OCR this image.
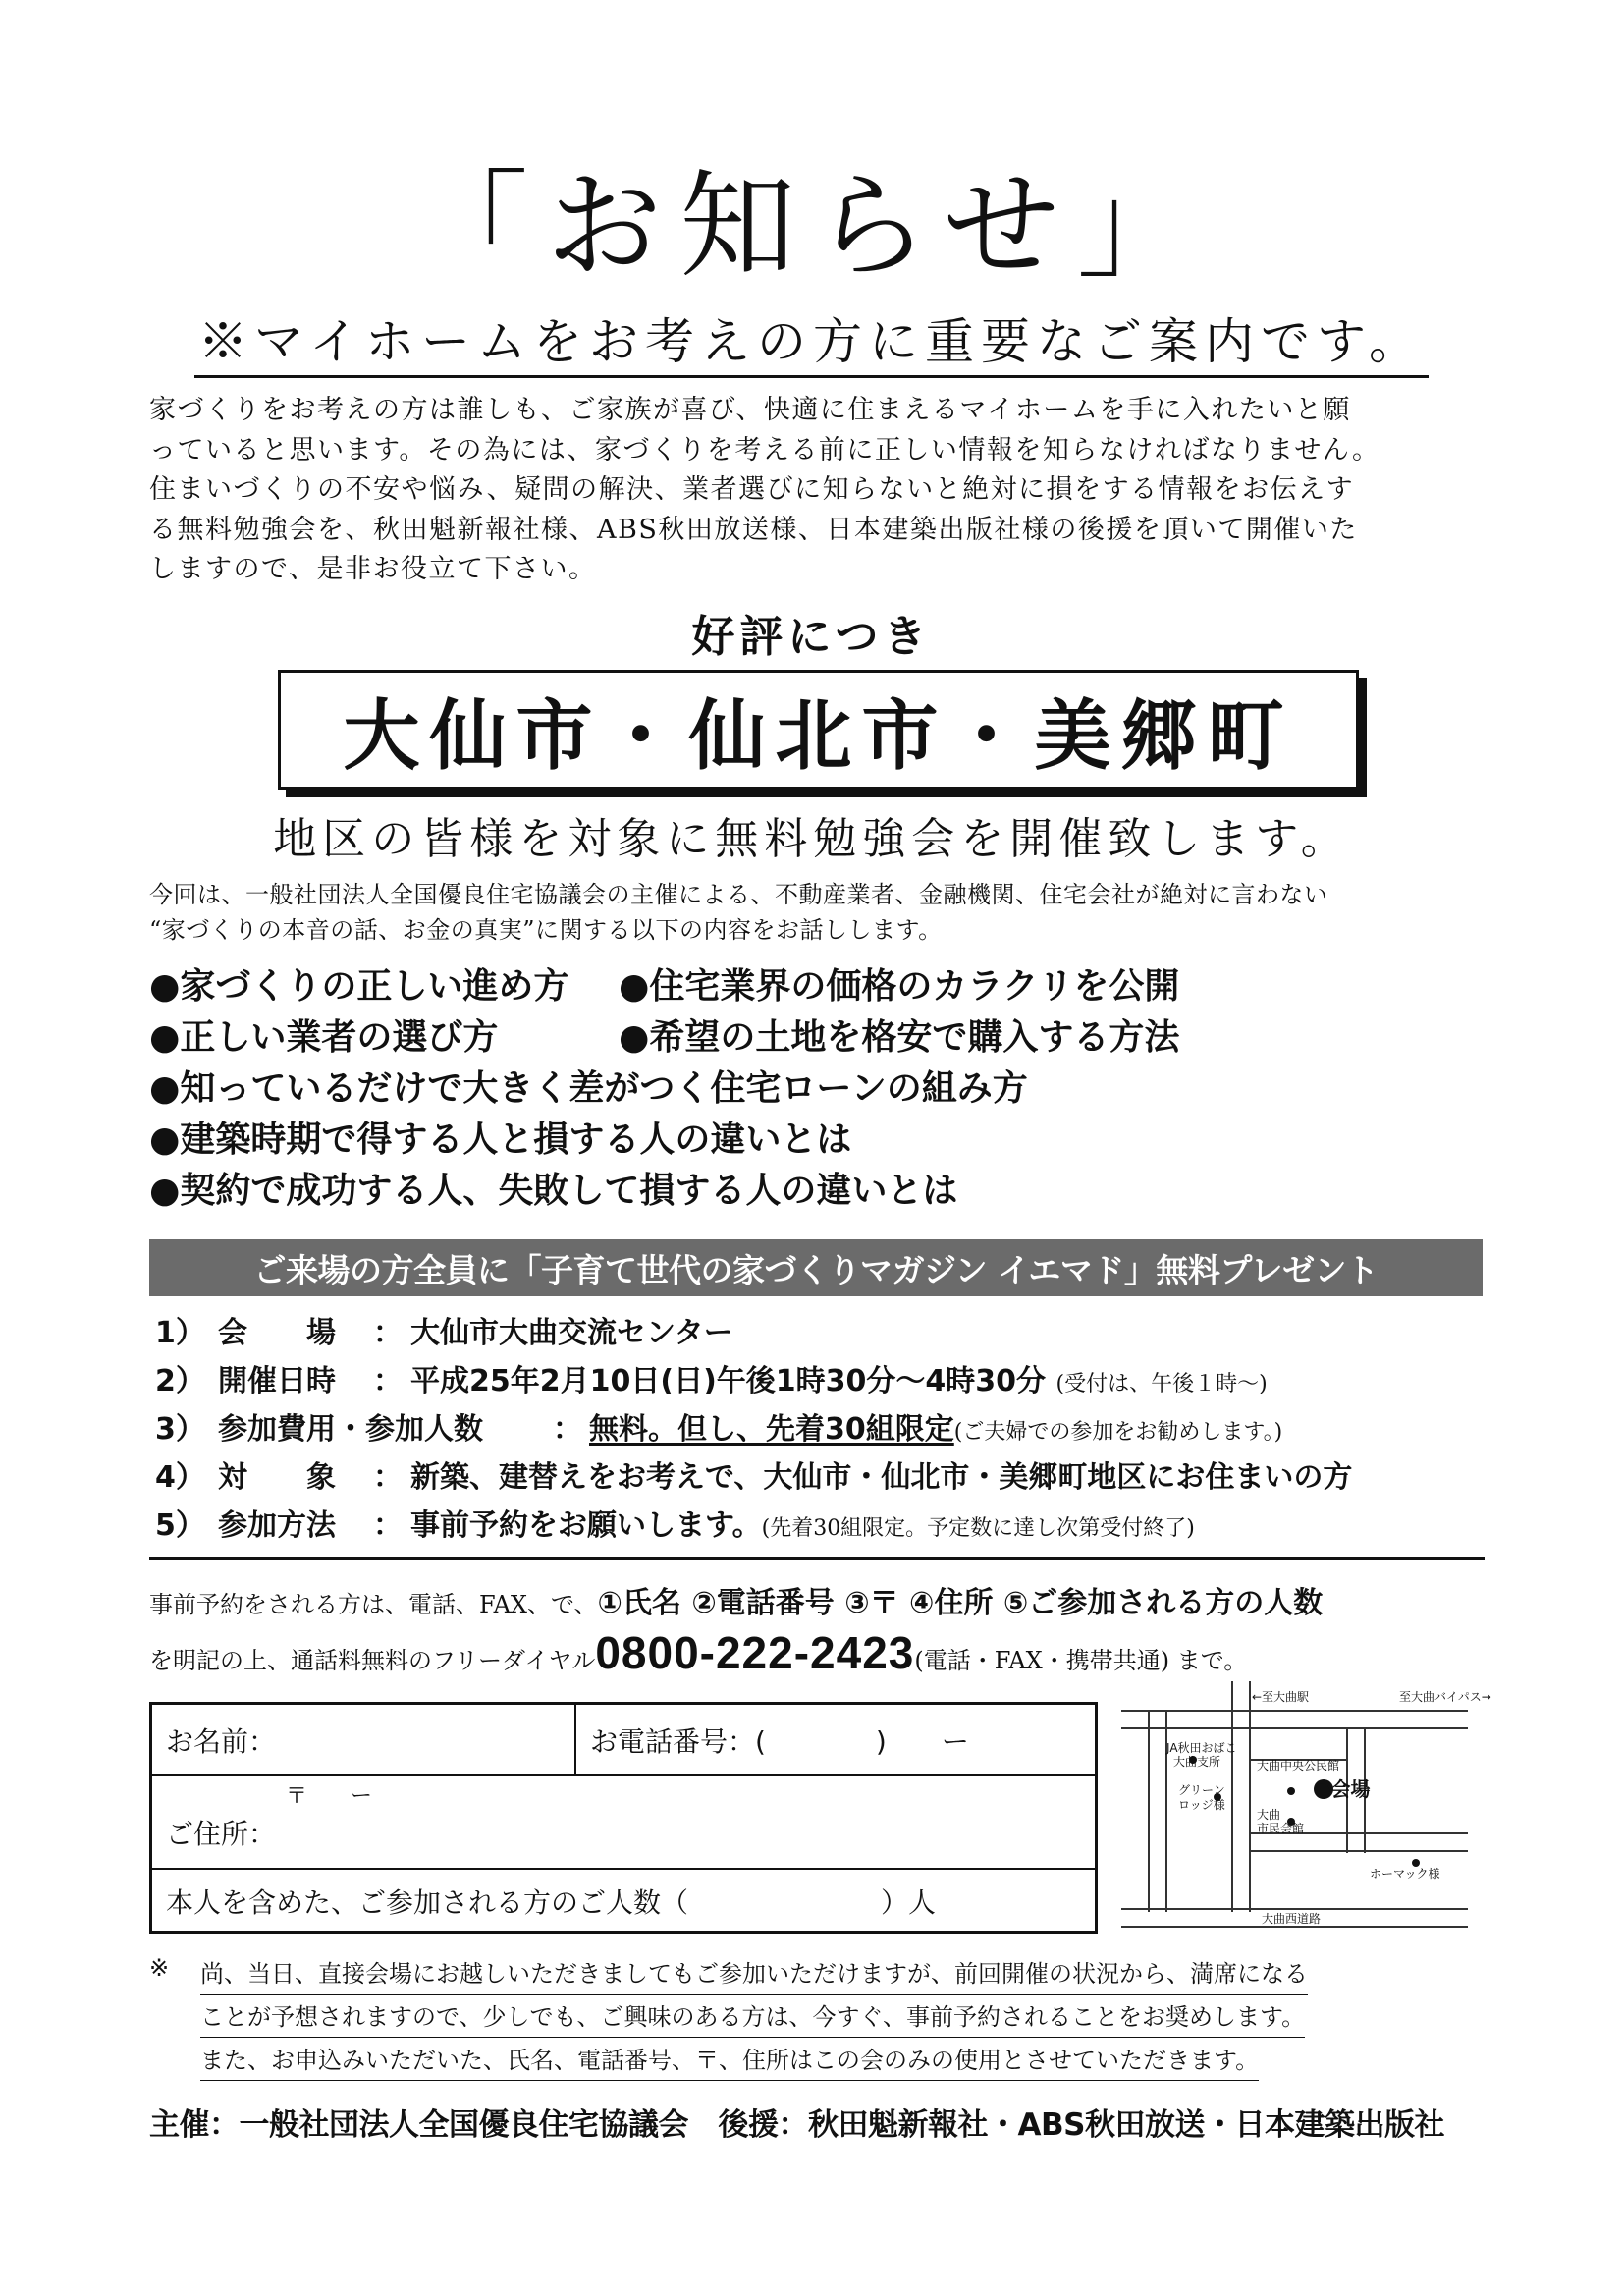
「お知らせ」
※マイホームをお考えの方に重要なご案内です。
家づくりをお考えの方は誰しも、ご家族が喜び、快適に住まえるマイホームを手に入れたいと願
っていると思います。その為には、家づくりを考える前に正しい情報を知らなければなりません。
住まいづくりの不安や悩み、疑問の解決、業者選びに知らないと絶対に損をする情報をお伝えす
る無料勉強会を、秋田魁新報社様、ABS秋田放送様、日本建築出版社様の後援を頂いて開催いた
しますので、是非お役立て下さい。
好評につき
大仙市・仙北市・美郷町
地区の皆様を対象に無料勉強会を開催致します。
今回は、一般社団法人全国優良住宅協議会の主催による、不動産業者、金融機関、住宅会社が絶対に言わない
“家づくりの本音の話、お金の真実”に関する以下の内容をお話しします。
●家づくりの正しい進め方 ●住宅業界の価格のカラクリを公開
●正しい業者の選び方	●希望の土地を格安で購入する方法
●知っているだけで大きく差がつく住宅ローンの組み方
●建築時期で得する人と損する人の違いとは
●契約で成功する人、失敗して損する人の違いとは
ご来場の方全員に「子育て世代の家づくりマガジン イエマド」無料プレゼント
1） 会　　場 ： 大仙市大曲交流センター
2） 開催日時 ： 平成25年2月10日(日)午後1時30分～4時30分 (受付は、午後１時～)
3） 参加費用・参加人数 ： 無料。但し、先着30組限定(ご夫婦での参加をお勧めします。)
4） 対　　象 ： 新築、建替えをお考えで、大仙市・仙北市・美郷町地区にお住まいの方
5） 参加方法 ： 事前予約をお願いします。(先着30組限定。予定数に達し次第受付終了)
事前予約をされる方は、電話、FAX、で、①氏名 ②電話番号 ③〒 ④住所 ⑤ご参加される方の人数
を明記の上、通話料無料のフリーダイヤル0800-222-2423(電話・FAX・携帯共通) まで。
お名前：	お電話番号：(　　　　)　　ー
〒　　ー
ご住所：
本人を含めた、ご参加される方のご人数（　　　　　　　）人
←至大曲駅	至大曲バイパス→
JA秋田おばこ
大曲支所	大曲中央公民館
グリーン
ロッジ様
●会場
大曲
市民会館
ホーマック様
大曲西道路
※ 尚、当日、直接会場にお越しいただきましてもご参加いただけますが、前回開催の状況から、満席になる
ことが予想されますので、少しでも、ご興味のある方は、今すぐ、事前予約されることをお奨めします。
また、お申込みいただいた、氏名、電話番号、〒、住所はこの会のみの使用とさせていただきます。
主催：一般社団法人全国優良住宅協議会　後援：秋田魁新報社・ABS秋田放送・日本建築出版社
